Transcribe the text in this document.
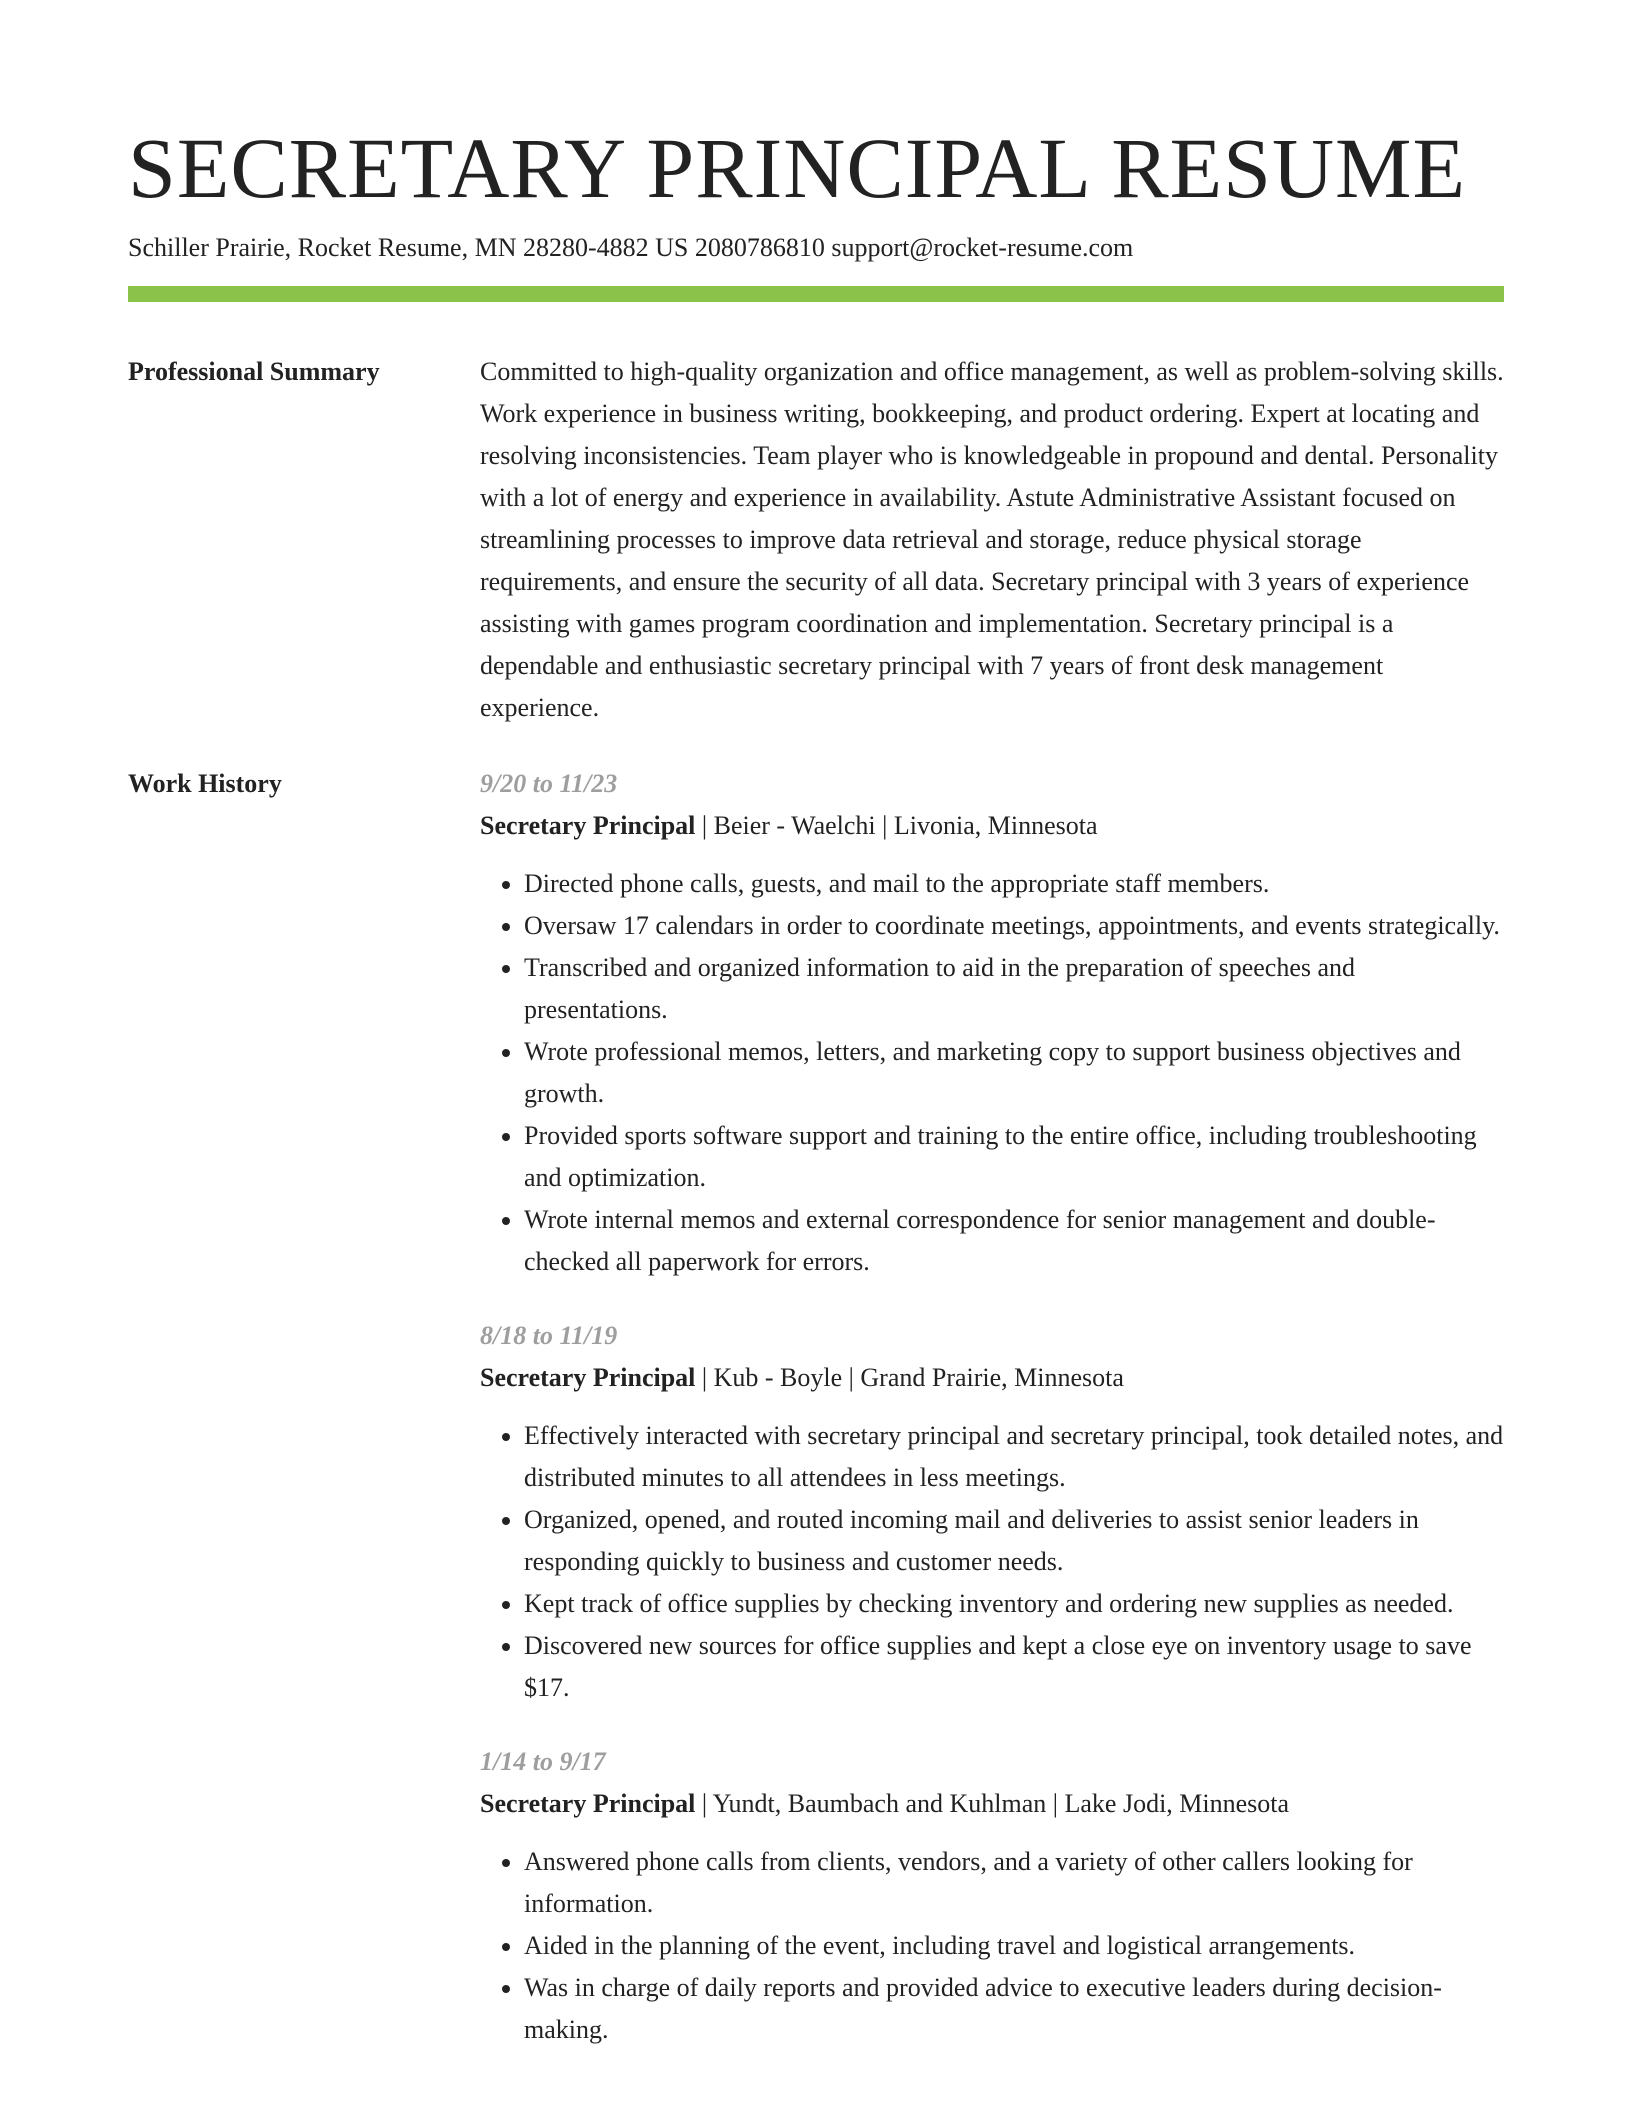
SECRETARY PRINCIPAL RESUME
Schiller Prairie, Rocket Resume, MN 28280-4882 US 2080786810 support@rocket-resume.com
Professional Summary	Committed to high-quality organization and office management, as well as problem-solving skills. Work experience in business writing, bookkeeping, and product ordering. Expert at locating and resolving inconsistencies. Team player who is knowledgeable in propound and dental. Personality with a lot of energy and experience in availability. Astute Administrative Assistant focused on streamlining processes to improve data retrieval and storage, reduce physical storage requirements, and ensure the security of all data. Secretary principal with 3 years of experience assisting with games program coordination and implementation. Secretary principal is a dependable and enthusiastic secretary principal with 7 years of front desk management experience.

Work History	9/20 to 11/23
Secretary Principal | Beier - Waelchi | Livonia, Minnesota
• Directed phone calls, guests, and mail to the appropriate staff members.
• Oversaw 17 calendars in order to coordinate meetings, appointments, and events strategically.
• Transcribed and organized information to aid in the preparation of speeches and presentations.
• Wrote professional memos, letters, and marketing copy to support business objectives and growth.
• Provided sports software support and training to the entire office, including troubleshooting and optimization.
• Wrote internal memos and external correspondence for senior management and double-checked all paperwork for errors.
8/18 to 11/19
Secretary Principal | Kub - Boyle | Grand Prairie, Minnesota
• Effectively interacted with secretary principal and secretary principal, took detailed notes, and distributed minutes to all attendees in less meetings.
• Organized, opened, and routed incoming mail and deliveries to assist senior leaders in responding quickly to business and customer needs.
• Kept track of office supplies by checking inventory and ordering new supplies as needed.
• Discovered new sources for office supplies and kept a close eye on inventory usage to save $17.
1/14 to 9/17
Secretary Principal | Yundt, Baumbach and Kuhlman | Lake Jodi, Minnesota
• Answered phone calls from clients, vendors, and a variety of other callers looking for information.
• Aided in the planning of the event, including travel and logistical arrangements.
• Was in charge of daily reports and provided advice to executive leaders during decision-making.
